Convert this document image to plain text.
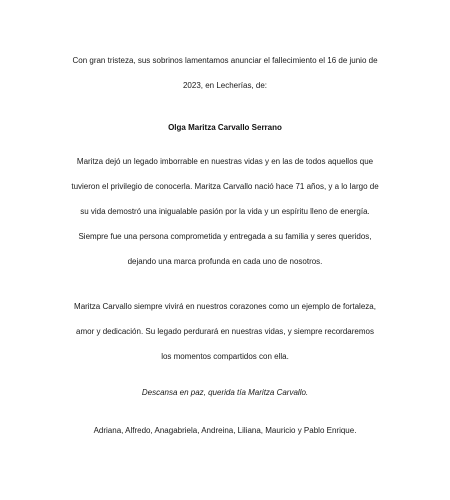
Con gran tristeza, sus sobrinos lamentamos anunciar el fallecimiento el 16 de junio de
2023, en Lecherías, de:

Olga Maritza Carvallo Serrano

Maritza dejó un legado imborrable en nuestras vidas y en las de todos aquellos que
tuvieron el privilegio de conocerla. Maritza Carvallo nació hace 71 años, y a lo largo de
su vida demostró una inigualable pasión por la vida y un espíritu lleno de energía.
Siempre fue una persona comprometida y entregada a su familia y seres queridos,
dejando una marca profunda en cada uno de nosotros.

Maritza Carvallo siempre vivirá en nuestros corazones como un ejemplo de fortaleza,
amor y dedicación. Su legado perdurará en nuestras vidas, y siempre recordaremos
los momentos compartidos con ella.

Descansa en paz, querida tía Maritza Carvallo.

Adriana, Alfredo, Anagabriela, Andreina, Liliana, Mauricio y Pablo Enrique.
